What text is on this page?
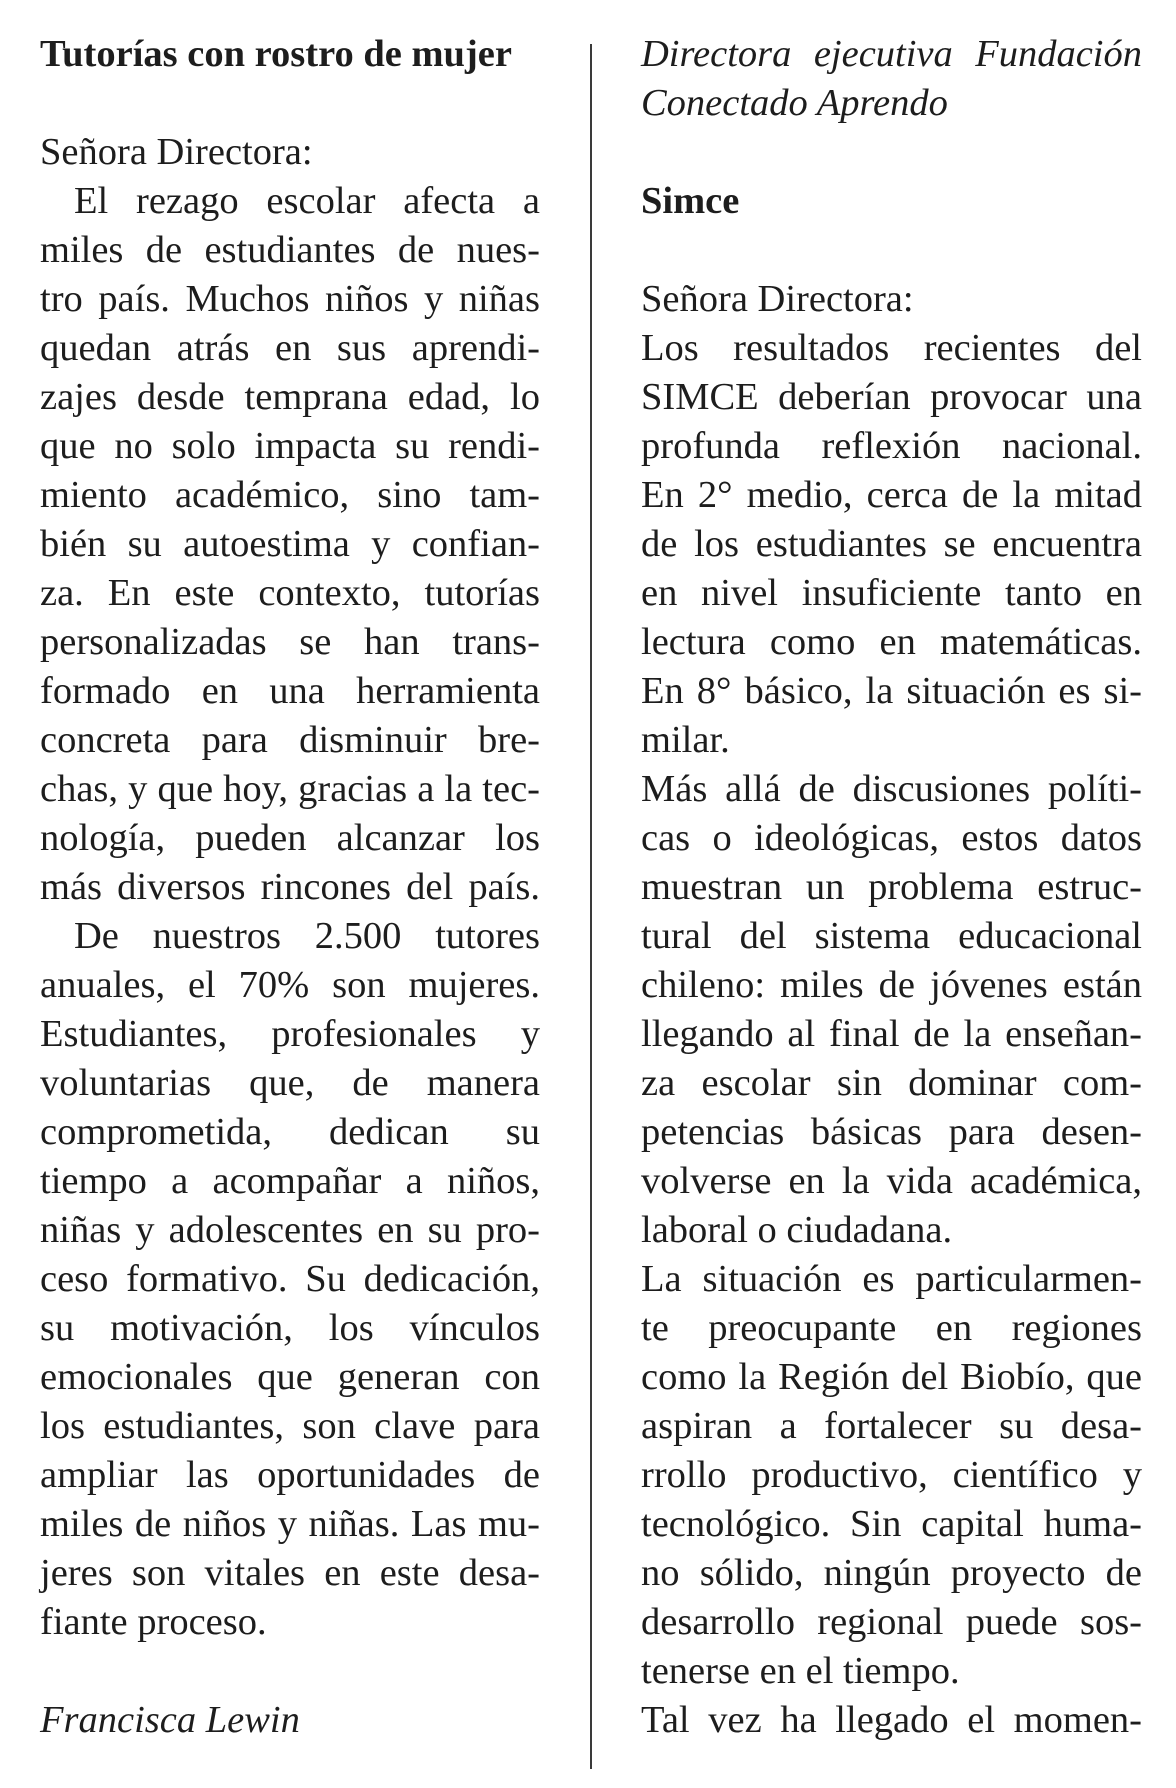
Tutorías con rostro de mujer
Señora Directora:
El rezago escolar afecta a
miles de estudiantes de nues-
tro país. Muchos niños y niñas
quedan atrás en sus aprendi-
zajes desde temprana edad, lo
que no solo impacta su rendi-
miento académico, sino tam-
bién su autoestima y confian-
za. En este contexto, tutorías
personalizadas se han trans-
formado en una herramienta
concreta para disminuir bre-
chas, y que hoy, gracias a la tec-
nología, pueden alcanzar los
más diversos rincones del país.
De nuestros 2.500 tutores
anuales, el 70% son mujeres.
Estudiantes, profesionales y
voluntarias que, de manera
comprometida, dedican su
tiempo a acompañar a niños,
niñas y adolescentes en su pro-
ceso formativo. Su dedicación,
su motivación, los vínculos
emocionales que generan con
los estudiantes, son clave para
ampliar las oportunidades de
miles de niños y niñas. Las mu-
jeres son vitales en este desa-
fiante proceso.
Francisca Lewin
Directora ejecutiva Fundación
Conectado Aprendo
Simce
Señora Directora:
Los resultados recientes del
SIMCE deberían provocar una
profunda reflexión nacional.
En 2° medio, cerca de la mitad
de los estudiantes se encuentra
en nivel insuficiente tanto en
lectura como en matemáticas.
En 8° básico, la situación es si-
milar.
Más allá de discusiones políti-
cas o ideológicas, estos datos
muestran un problema estruc-
tural del sistema educacional
chileno: miles de jóvenes están
llegando al final de la enseñan-
za escolar sin dominar com-
petencias básicas para desen-
volverse en la vida académica,
laboral o ciudadana.
La situación es particularmen-
te preocupante en regiones
como la Región del Biobío, que
aspiran a fortalecer su desa-
rrollo productivo, científico y
tecnológico. Sin capital huma-
no sólido, ningún proyecto de
desarrollo regional puede sos-
tenerse en el tiempo.
Tal vez ha llegado el momen-
